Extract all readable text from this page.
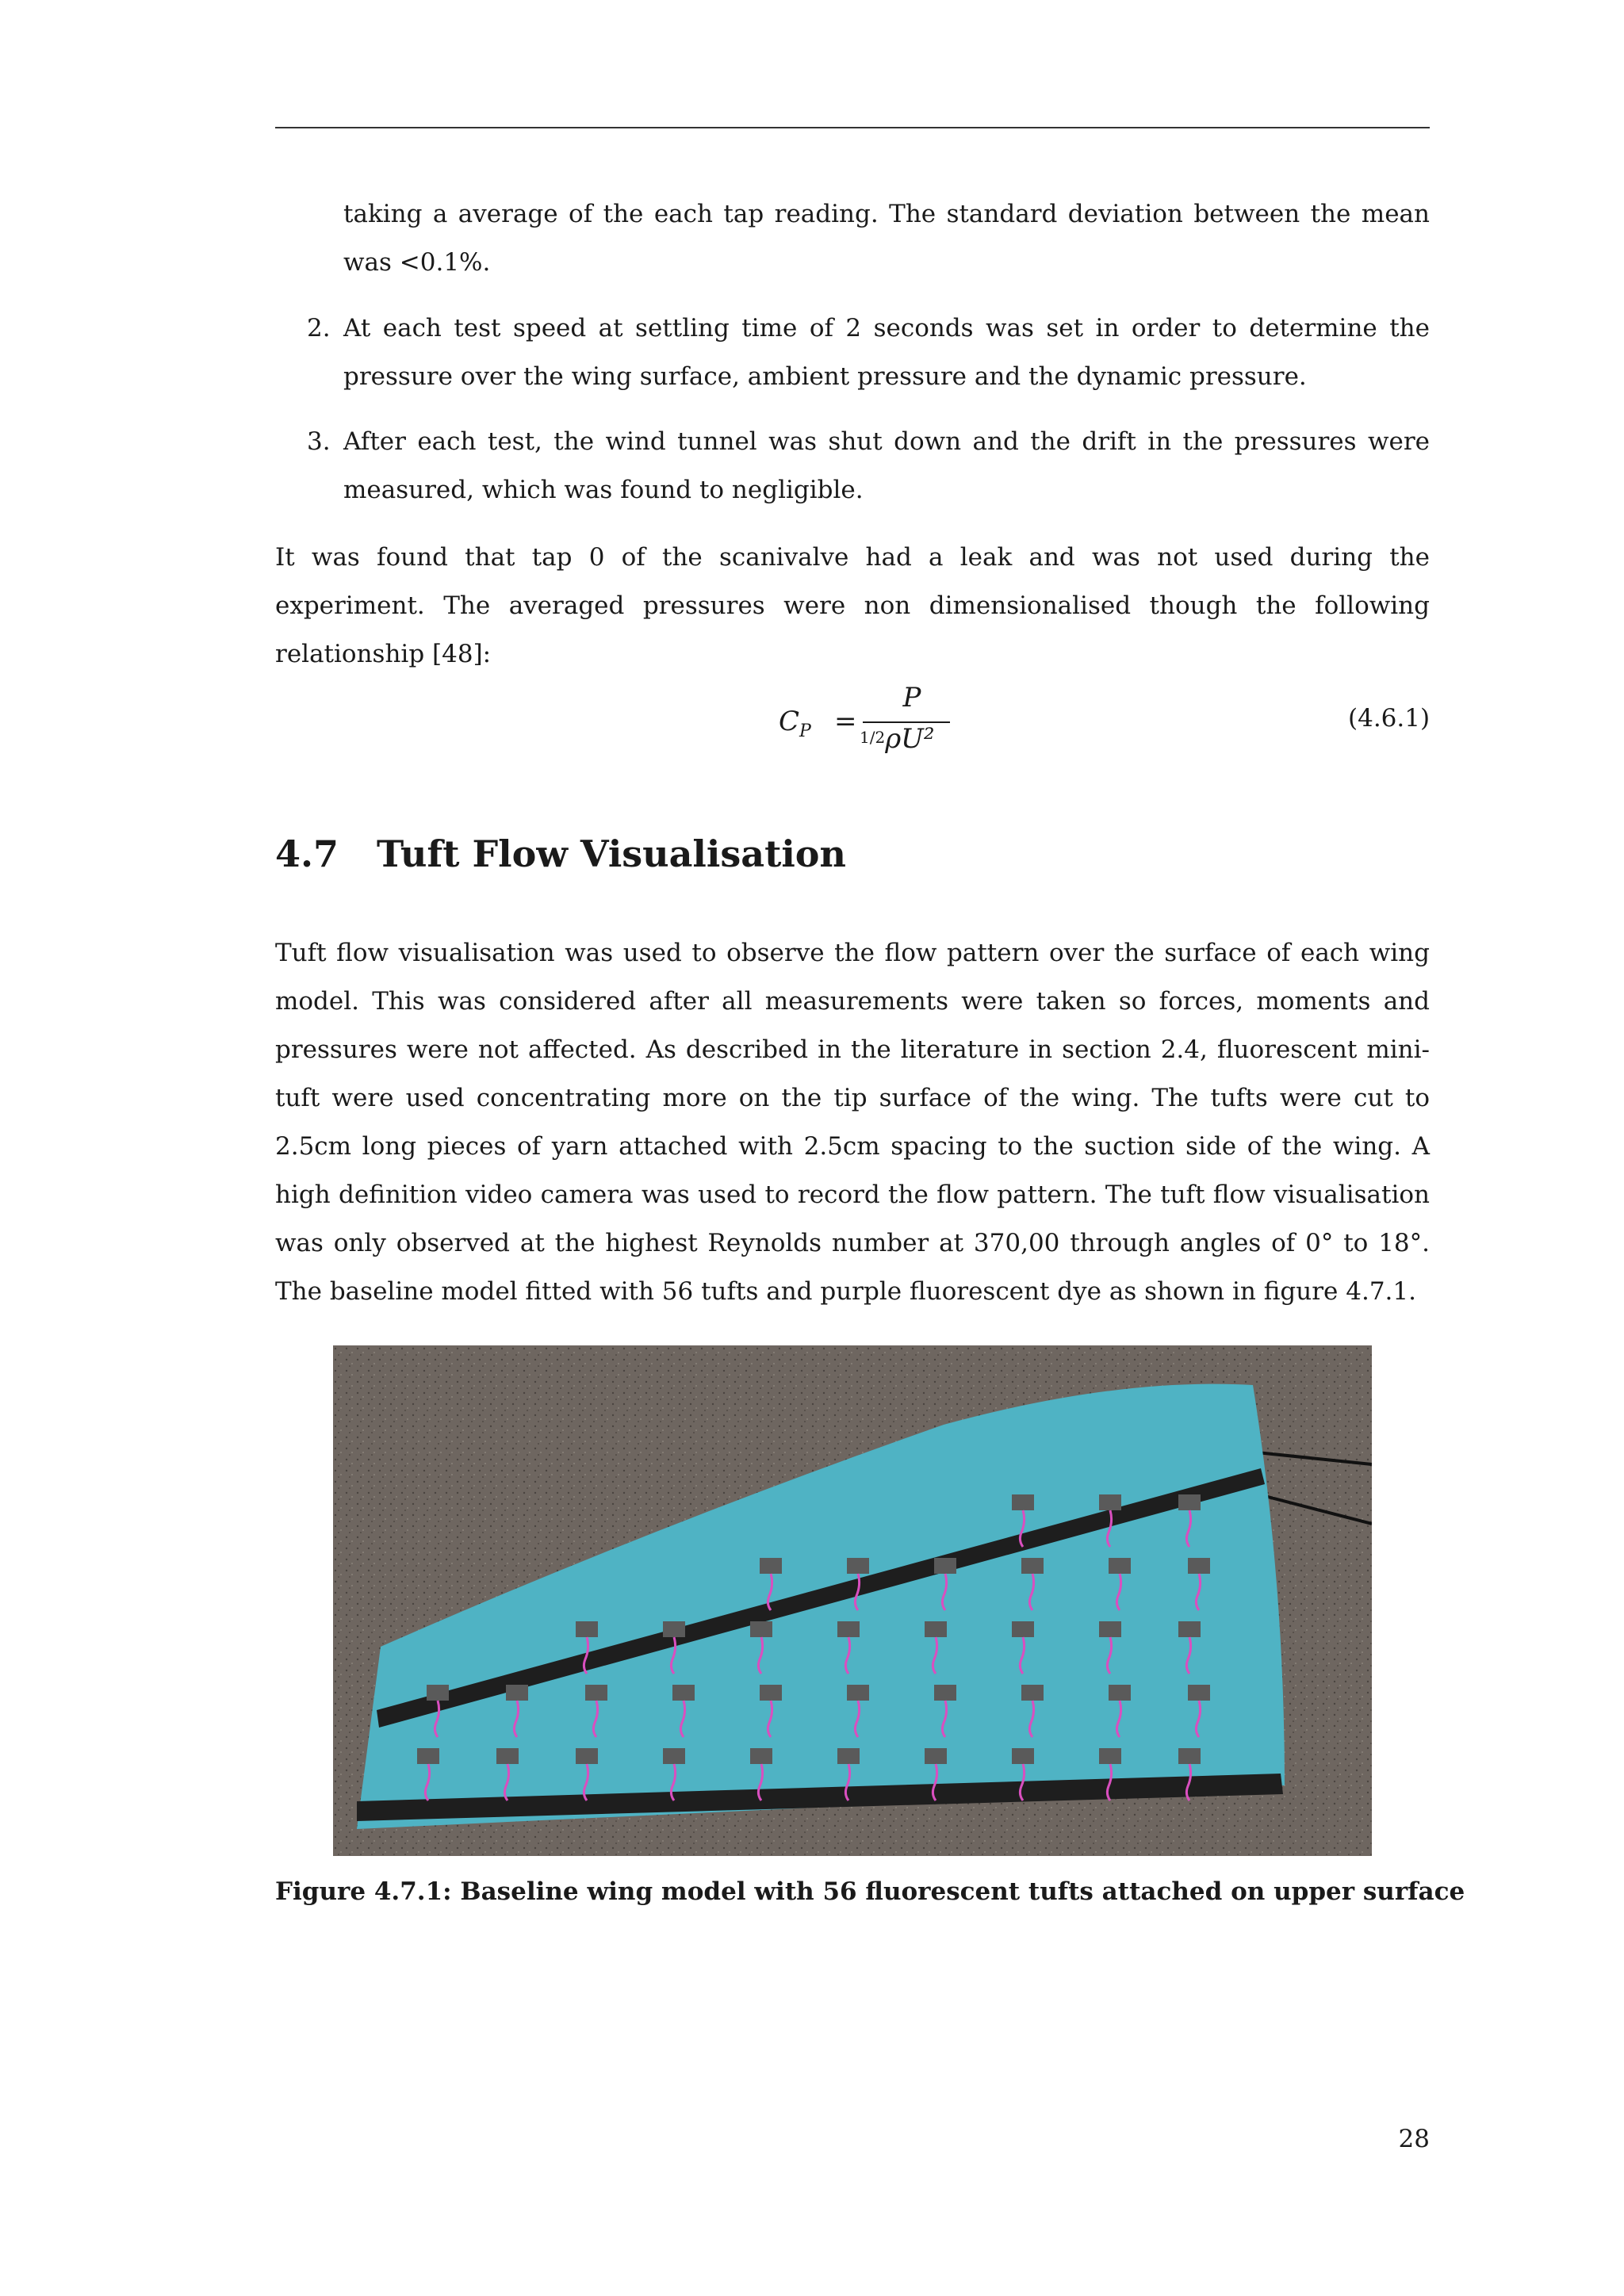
taking a average of the each tap reading. The standard deviation between the mean was <0.1%.

2. At each test speed at settling time of 2 seconds was set in order to determine the pressure over the wing surface, ambient pressure and the dynamic pressure.
3. After each test, the wind tunnel was shut down and the drift in the pressures were measured, which was found to negligible.

It was found that tap 0 of the scanivalve had a leak and was not used during the experiment. The averaged pressures were non dimensionalised though the following relationship [48]:

$C_P$ =
P
1/2ρU²
(4.6.1)
4.7 Tuft Flow Visualisation

Tuft flow visualisation was used to observe the flow pattern over the surface of each wing model. This was considered after all measurements were taken so forces, moments and pressures were not affected. As described in the literature in section 2.4, fluorescent mini-tuft were used concentrating more on the tip surface of the wing. The tufts were cut to 2.5cm long pieces of yarn attached with 2.5cm spacing to the suction side of the wing. A high definition video camera was used to record the flow pattern. The tuft flow visualisation was only observed at the highest Reynolds number at 370,00 through angles of 0° to 18°. The baseline model fitted with 56 tufts and purple fluorescent dye as shown in figure 4.7.1.

Figure 4.7.1: Baseline wing model with 56 fluorescent tufts attached on upper surface
28
